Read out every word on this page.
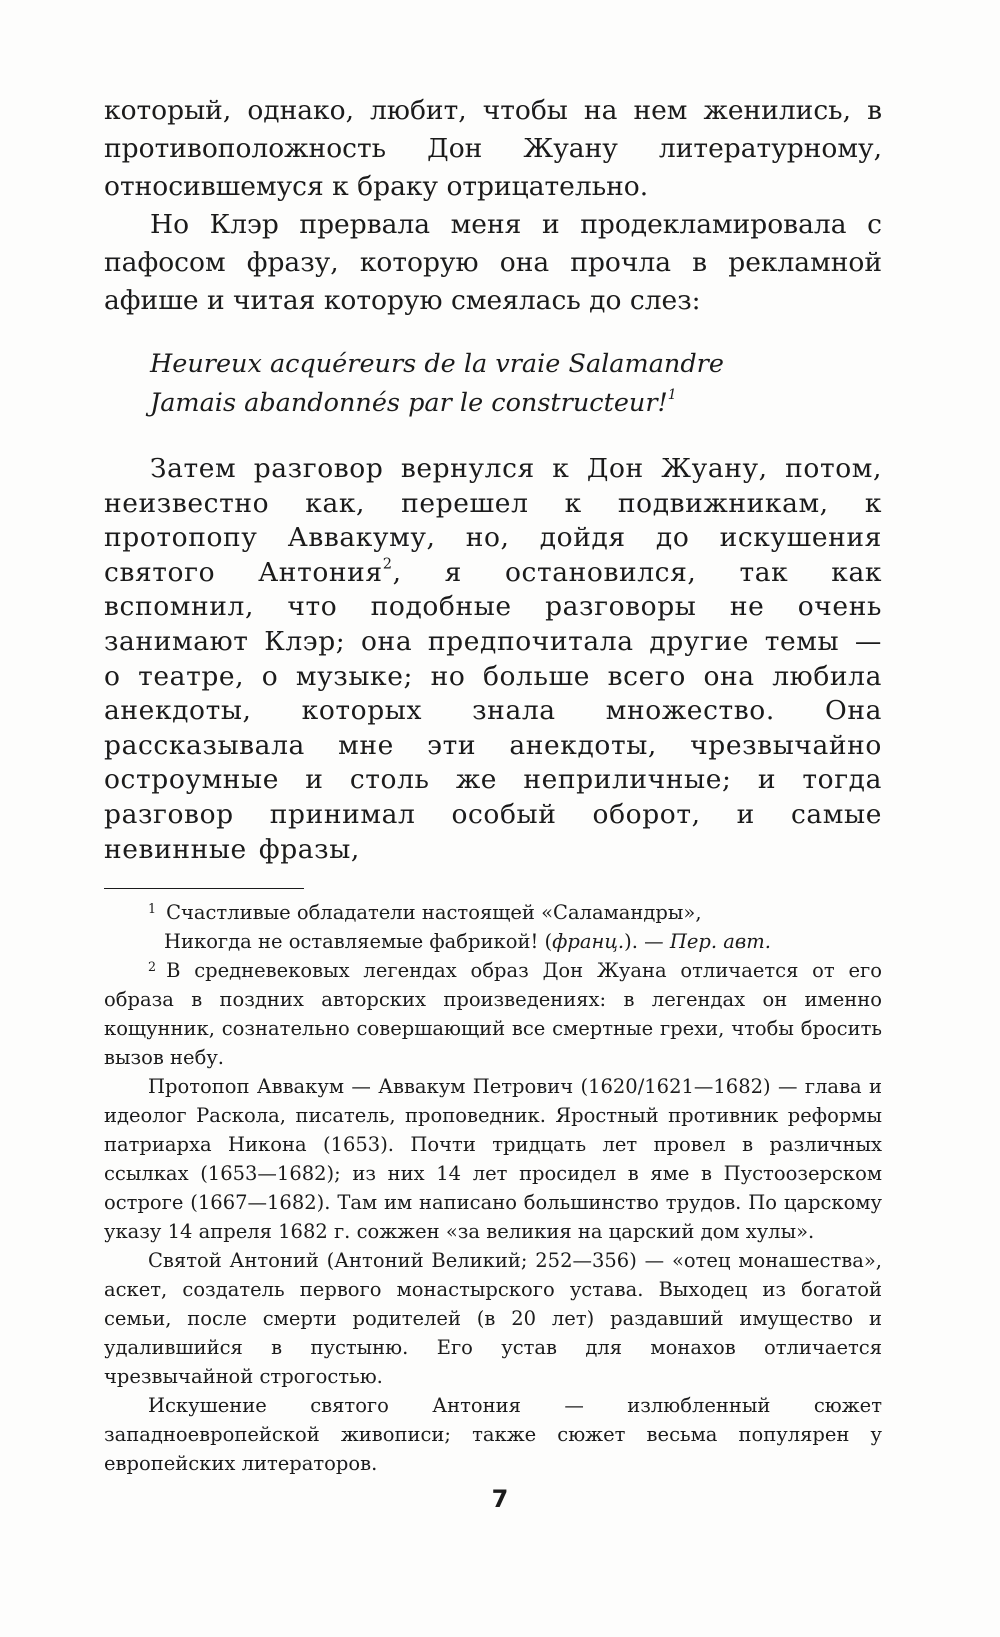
который, однако, любит, чтобы на нем женились, в противоположность Дон Жуану литературному, относившемуся к браку отрицательно.

Но Клэр прервала меня и продекламировала с пафосом фразу, которую она прочла в рекламной афише и читая которую смеялась до слез:

Heureux acquéreurs de la vraie Salamandre
Jamais abandonnés par le constructeur!$^1$

Затем разговор вернулся к Дон Жуану, потом, неизвестно как, перешел к подвижникам, к протопопу Аввакуму, но, дойдя до искушения святого Антония$^2$, я остановился, так как вспомнил, что подобные разговоры не очень занимают Клэр; она предпочитала другие темы — о театре, о музыке; но больше всего она любила анекдоты, которых знала множество. Она рассказывала мне эти анекдоты, чрезвычайно остроумные и столь же неприличные; и тогда разговор принимал особый оборот, и самые невинные фразы,

$^1$ Счастливые обладатели настоящей «Саламандры»,
Никогда не оставляемые фабрикой! (франц.). — Пер. авт.

$^2$ В средневековых легендах образ Дон Жуана отличается от его образа в поздних авторских произведениях: в легендах он именно кощунник, сознательно совершающий все смертные грехи, чтобы бросить вызов небу.

Протопоп Аввакум — Аввакум Петрович (1620/1621—1682) — глава и идеолог Раскола, писатель, проповедник. Яростный противник реформы патриарха Никона (1653). Почти тридцать лет провел в различных ссылках (1653—1682); из них 14 лет просидел в яме в Пустоозерском остроге (1667—1682). Там им написано большинство трудов. По царскому указу 14 апреля 1682 г. сожжен «за великия на царский дом хулы».

Святой Антоний (Антоний Великий; 252—356) — «отец монашества», аскет, создатель первого монастырского устава. Выходец из богатой семьи, после смерти родителей (в 20 лет) раздавший имущество и удалившийся в пустыню. Его устав для монахов отличается чрезвычайной строгостью.

Искушение святого Антония — излюбленный сюжет западноевропейской живописи; также сюжет весьма популярен у европейских литераторов.

7
